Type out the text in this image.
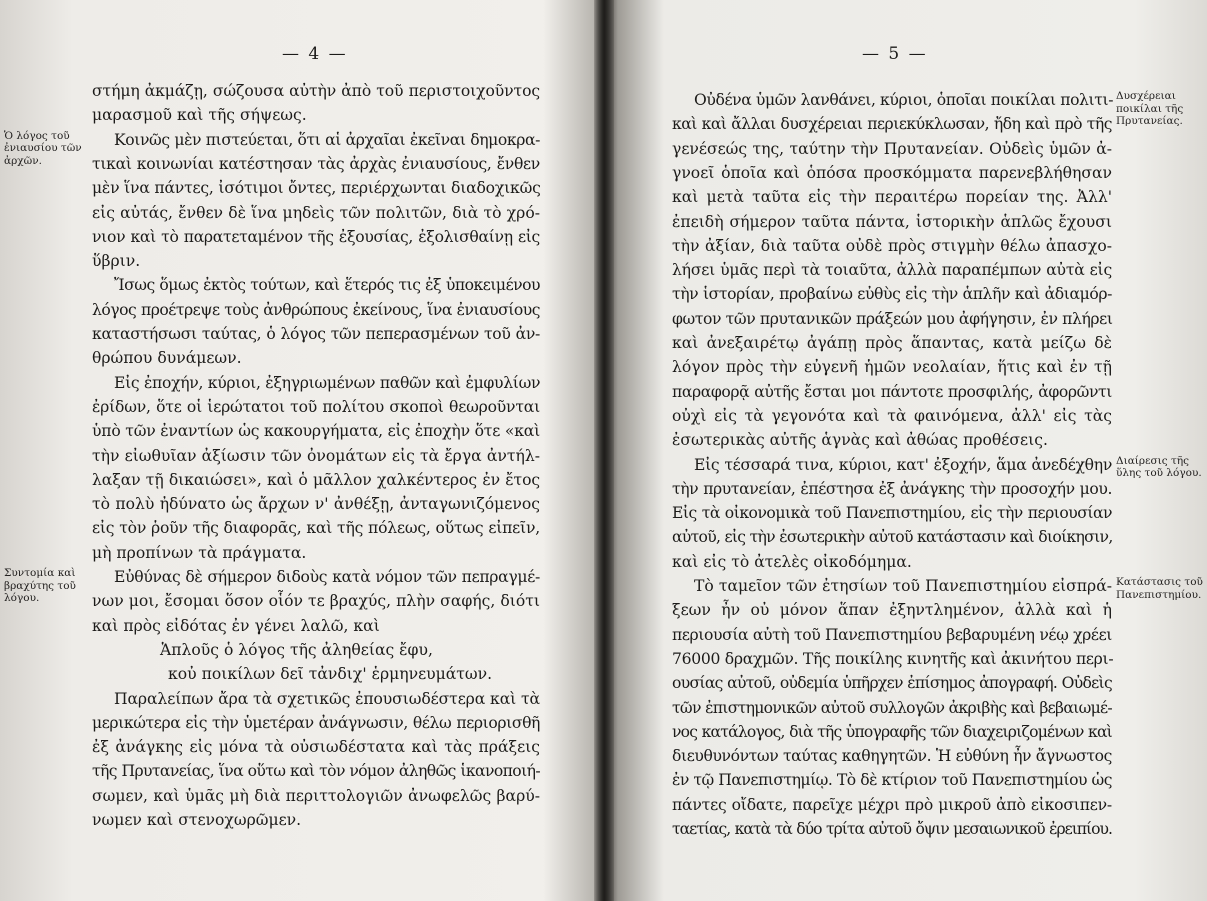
— 4 —
στήμη ἀκμάζῃ, σώζουσα αὐτὴν ἀπὸ τοῦ περιστοιχοῦντος
μαρασμοῦ καὶ τῆς σήψεως.
Κοινῶς μὲν πιστεύεται, ὅτι αἱ ἀρχαῖαι ἐκεῖναι δημοκρα-
τικαὶ κοινωνίαι κατέστησαν τὰς ἀρχὰς ἐνιαυσίους, ἔνθεν
μὲν ἵνα πάντες, ἰσότιμοι ὄντες, περιέρχωνται διαδοχικῶς
εἰς αὐτάς, ἔνθεν δὲ ἵνα μηδεὶς τῶν πολιτῶν, διὰ τὸ χρό-
νιον καὶ τὸ παρατεταμένον τῆς ἐξουσίας, ἐξολισθαίνῃ εἰς
ὕβριν.
Ἴσως ὅμως ἐκτὸς τούτων, καὶ ἕτερός τις ἐξ ὑποκειμένου
λόγος προέτρεψε τοὺς ἀνθρώπους ἐκείνους, ἵνα ἐνιαυσίους
καταστήσωσι ταύτας, ὁ λόγος τῶν πεπερασμένων τοῦ ἀν-
θρώπου δυνάμεων.
Εἰς ἐποχήν, κύριοι, ἐξηγριωμένων παθῶν καὶ ἐμφυλίων
ἐρίδων, ὅτε οἱ ἱερώτατοι τοῦ πολίτου σκοποὶ θεωροῦνται
ὑπὸ τῶν ἐναντίων ὡς κακουργήματα, εἰς ἐποχὴν ὅτε «καὶ
τὴν εἰωθυῖαν ἀξίωσιν τῶν ὀνομάτων εἰς τὰ ἔργα ἀντήλ-
λαξαν τῇ δικαιώσει», καὶ ὁ μᾶλλον χαλκέντερος ἐν ἔτος
τὸ πολὺ ἠδύνατο ὡς ἄρχων ν' ἀνθέξῃ, ἀνταγωνιζόμενος
εἰς τὸν ῥοῦν τῆς διαφορᾶς, καὶ τῆς πόλεως, οὕτως εἰπεῖν,
μὴ προπίνων τὰ πράγματα.
Εὐθύνας δὲ σήμερον διδοὺς κατὰ νόμον τῶν πεπραγμέ-
νων μοι, ἔσομαι ὅσον οἷόν τε βραχύς, πλὴν σαφής, διότι
καὶ πρὸς εἰδότας ἐν γένει λαλῶ, καὶ
Ἁπλοῦς ὁ λόγος τῆς ἀληθείας ἔφυ,
κοὐ ποικίλων δεῖ τἀνδιχ' ἑρμηνευμάτων.
Παραλείπων ἄρα τὰ σχετικῶς ἐπουσιωδέστερα καὶ τὰ
μερικώτερα εἰς τὴν ὑμετέραν ἀνάγνωσιν, θέλω περιορισθῆ
ἐξ ἀνάγκης εἰς μόνα τὰ οὐσιωδέστατα καὶ τὰς πράξεις
τῆς Πρυτανείας, ἵνα οὕτω καὶ τὸν νόμον ἀληθῶς ἱκανοποιή-
σωμεν, καὶ ὑμᾶς μὴ διὰ περιττολογιῶν ἀνωφελῶς βαρύ-
νωμεν καὶ στενοχωρῶμεν.
Ὁ λόγος τοῦ ἐνιαυσίου τῶν ἀρχῶν.
Συντομία καὶ βραχύτης τοῦ λόγου.
— 5 —
Οὐδένα ὑμῶν λανθάνει, κύριοι, ὁποῖαι ποικίλαι πολιτι-
καὶ καὶ ἄλλαι δυσχέρειαι περιεκύκλωσαν, ἤδη καὶ πρὸ τῆς
γενέσεώς της, ταύτην τὴν Πρυτανείαν. Οὐδεὶς ὑμῶν ἀ-
γνοεῖ ὁποῖα καὶ ὁπόσα προσκόμματα παρενεβλήθησαν
καὶ μετὰ ταῦτα εἰς τὴν περαιτέρω πορείαν της. Ἀλλ'
ἐπειδὴ σήμερον ταῦτα πάντα, ἱστορικὴν ἁπλῶς ἔχουσι
τὴν ἀξίαν, διὰ ταῦτα οὐδὲ πρὸς στιγμὴν θέλω ἀπασχο-
λήσει ὑμᾶς περὶ τὰ τοιαῦτα, ἀλλὰ παραπέμπων αὐτὰ εἰς
τὴν ἱστορίαν, προβαίνω εὐθὺς εἰς τὴν ἁπλῆν καὶ ἀδιαμόρ-
φωτον τῶν πρυτανικῶν πράξεών μου ἀφήγησιν, ἐν πλήρει
καὶ ἀνεξαιρέτῳ ἀγάπῃ πρὸς ἅπαντας, κατὰ μείζω δὲ
λόγον πρὸς τὴν εὐγενῆ ἡμῶν νεολαίαν, ἥτις καὶ ἐν τῇ
παραφορᾷ αὐτῆς ἔσται μοι πάντοτε προσφιλής, ἀφορῶντι
οὐχὶ εἰς τὰ γεγονότα καὶ τὰ φαινόμενα, ἀλλ' εἰς τὰς
ἐσωτερικὰς αὐτῆς ἁγνὰς καὶ ἀθώας προθέσεις.
Εἰς τέσσαρά τινα, κύριοι, κατ' ἐξοχήν, ἅμα ἀνεδέχθην
τὴν πρυτανείαν, ἐπέστησα ἐξ ἀνάγκης τὴν προσοχήν μου.
Εἰς τὰ οἰκονομικὰ τοῦ Πανεπιστημίου, εἰς τὴν περιουσίαν
αὐτοῦ, εἰς τὴν ἐσωτερικὴν αὐτοῦ κατάστασιν καὶ διοίκησιν,
καὶ εἰς τὸ ἀτελὲς οἰκοδόμημα.
Τὸ ταμεῖον τῶν ἐτησίων τοῦ Πανεπιστημίου εἰσπρά-
ξεων ἦν οὐ μόνον ἅπαν ἐξηντλημένον, ἀλλὰ καὶ ἡ
περιουσία αὐτὴ τοῦ Πανεπιστημίου βεβαρυμένη νέῳ χρέει
76000 δραχμῶν. Τῆς ποικίλης κινητῆς καὶ ἀκινήτου περι-
ουσίας αὐτοῦ, οὐδεμία ὑπῆρχεν ἐπίσημος ἀπογραφή. Οὐδεὶς
τῶν ἐπιστημονικῶν αὐτοῦ συλλογῶν ἀκριβὴς καὶ βεβαιωμέ-
νος κατάλογος, διὰ τῆς ὑπογραφῆς τῶν διαχειριζομένων καὶ
διευθυνόντων ταύτας καθηγητῶν. Ἡ εὐθύνη ἦν ἄγνωστος
ἐν τῷ Πανεπιστημίῳ. Τὸ δὲ κτίριον τοῦ Πανεπιστημίου ὡς
πάντες οἴδατε, παρεῖχε μέχρι πρὸ μικροῦ ἀπὸ εἰκοσιπεν-
ταετίας, κατὰ τὰ δύο τρίτα αὐτοῦ ὄψιν μεσαιωνικοῦ ἐρειπίου.
Δυσχέρειαι ποικίλαι τῆς Πρυτανείας.
Διαίρεσις τῆς ὕλης τοῦ λόγου.
Κατάστασις τοῦ Πανεπιστημίου.
